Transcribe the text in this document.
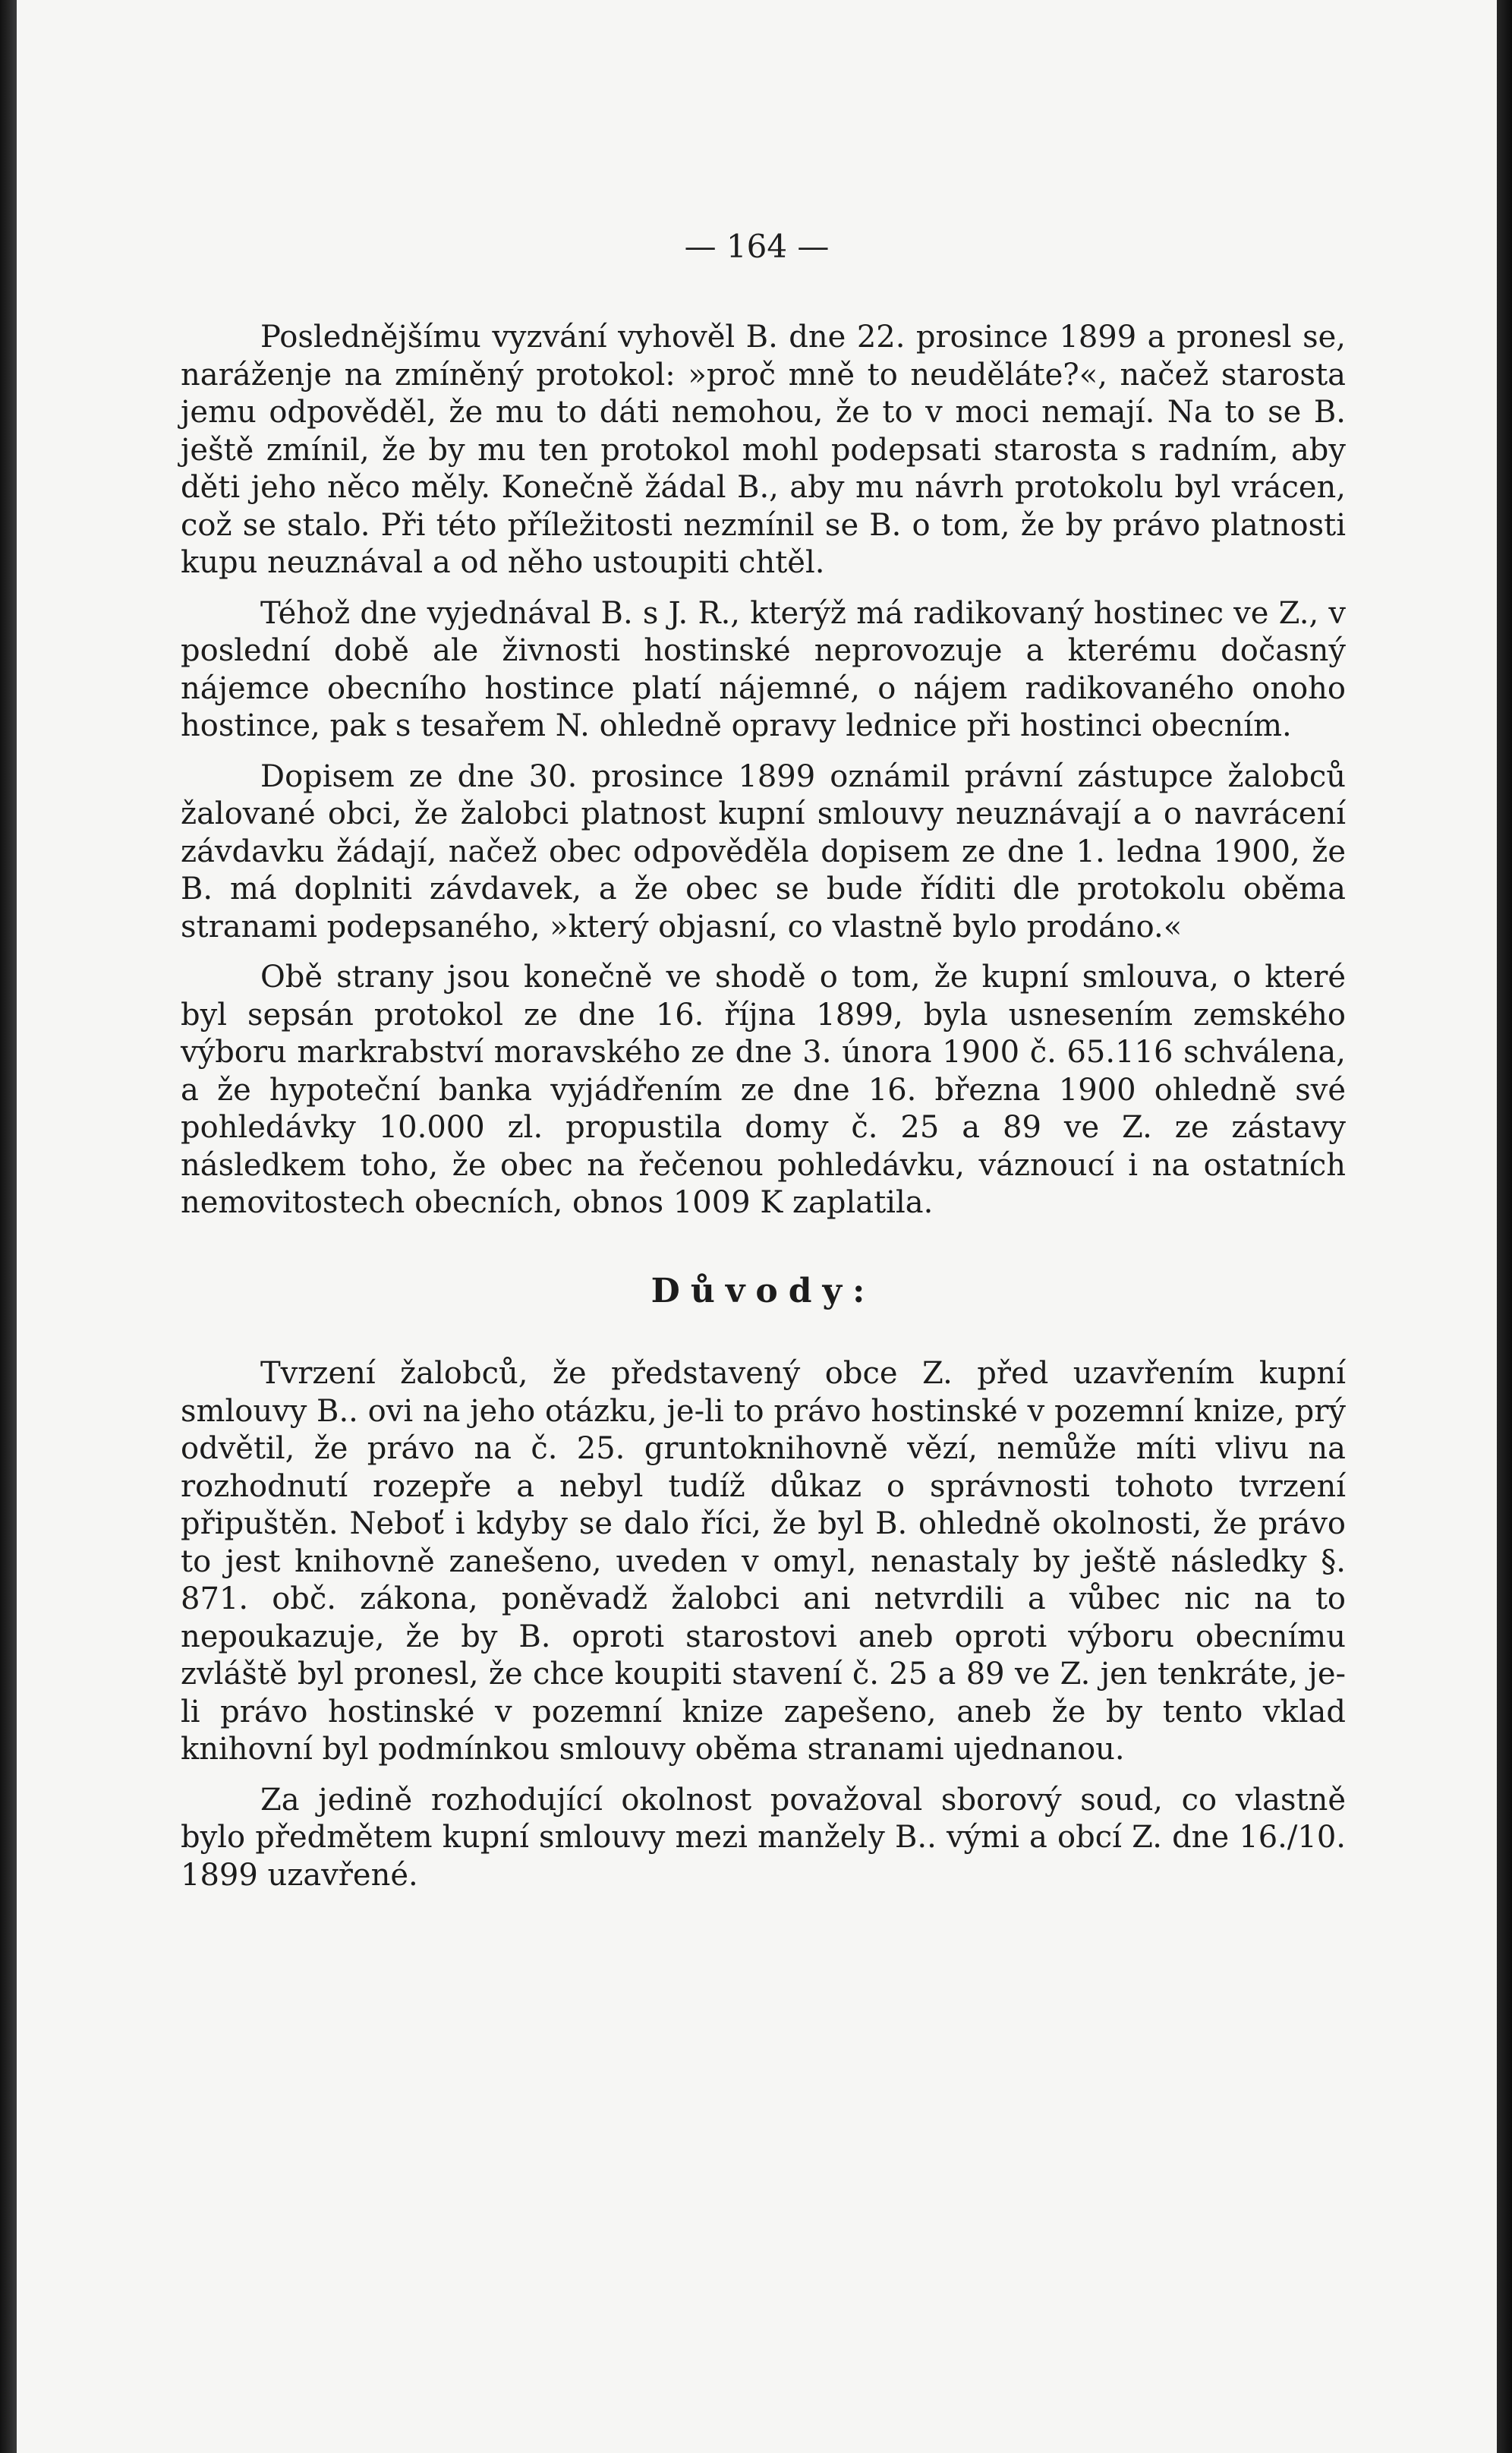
— 164 —

Poslednějšímu vyzvání vyhověl B. dne 22. prosince 1899 a pronesl se, naráženje na zmíněný protokol: »proč mně to neuděláte?«, načež starosta jemu odpověděl, že mu to dáti nemohou, že to v moci nemají. Na to se B. ještě zmínil, že by mu ten protokol mohl podepsati starosta s radním, aby děti jeho něco měly. Konečně žádal B., aby mu návrh protokolu byl vrácen, což se stalo. Při této příležitosti nezmínil se B. o tom, že by právo platnosti kupu neuznával a od něho ustoupiti chtěl.

Téhož dne vyjednával B. s J. R., kterýž má radikovaný hostinec ve Z., v poslední době ale živnosti hostinské neprovozuje a kterému dočasný nájemce obecního hostince platí nájemné, o nájem radikovaného onoho hostince, pak s tesařem N. ohledně opravy lednice při hostinci obecním.

Dopisem ze dne 30. prosince 1899 oznámil právní zástupce žalobců žalované obci, že žalobci platnost kupní smlouvy neuznávají a o navrácení závdavku žádají, načež obec odpověděla dopisem ze dne 1. ledna 1900, že B. má doplniti závdavek, a že obec se bude říditi dle protokolu oběma stranami podepsaného, »který objasní, co vlastně bylo prodáno.«

Obě strany jsou konečně ve shodě o tom, že kupní smlouva, o které byl sepsán protokol ze dne 16. října 1899, byla usnesením zemského výboru markrabství moravského ze dne 3. února 1900 č. 65.116 schválena, a že hypoteční banka vyjádřením ze dne 16. března 1900 ohledně své pohledávky 10.000 zl. propustila domy č. 25 a 89 ve Z. ze zástavy následkem toho, že obec na řečenou pohledávku, váznoucí i na ostatních nemovitostech obecních, obnos 1009 K zaplatila.

Důvody:

Tvrzení žalobců, že představený obce Z. před uzavřením kupní smlouvy B.. ovi na jeho otázku, je-li to právo hostinské v pozemní knize, prý odvětil, že právo na č. 25. gruntoknihovně vězí, nemůže míti vlivu na rozhodnutí rozepře a nebyl tudíž důkaz o správnosti tohoto tvrzení připuštěn. Neboť i kdyby se dalo říci, že byl B. ohledně okolnosti, že právo to jest knihovně zanešeno, uveden v omyl, nenastaly by ještě následky §. 871. obč. zákona, poněvadž žalobci ani netvrdili a vůbec nic na to nepoukazuje, že by B. oproti starostovi aneb oproti výboru obecnímu zvláště byl pronesl, že chce koupiti stavení č. 25 a 89 ve Z. jen tenkráte, je-li právo hostinské v pozemní knize zapešeno, aneb že by tento vklad knihovní byl podmínkou smlouvy oběma stranami ujednanou.

Za jedině rozhodující okolnost považoval sborový soud, co vlastně bylo předmětem kupní smlouvy mezi manžely B.. vými a obcí Z. dne 16./10. 1899 uzavřené.
